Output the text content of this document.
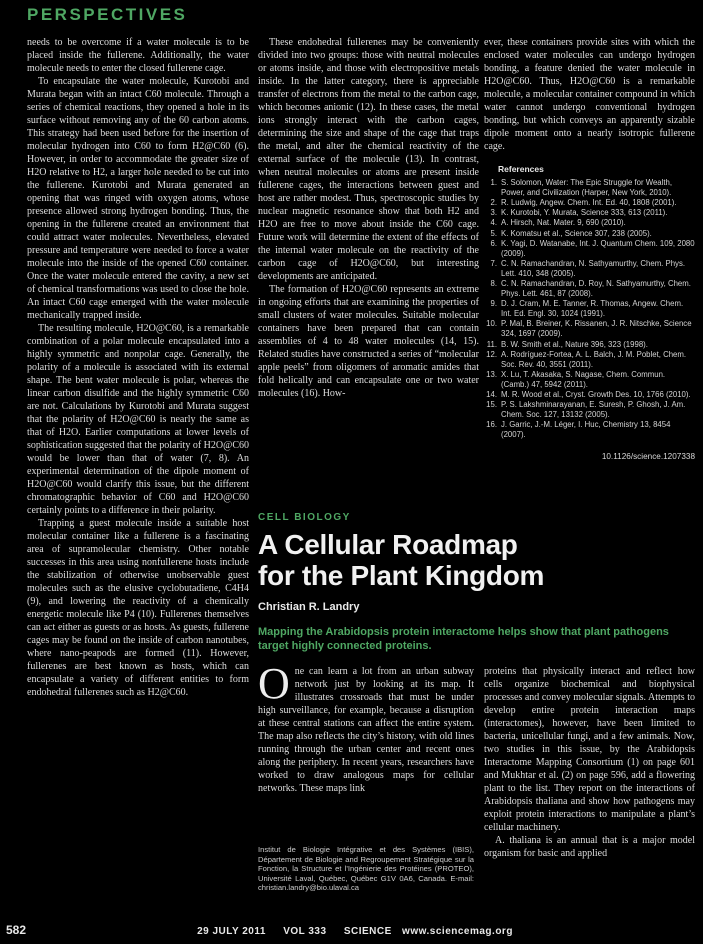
PERSPECTIVES

needs to be overcome if a water molecule is to be placed inside the fullerene. Additionally, the water molecule needs to enter the closed fullerene cage.

To encapsulate the water molecule, Kurotobi and Murata began with an intact C60 molecule. Through a series of chemical reactions, they opened a hole in its surface without removing any of the 60 carbon atoms. This strategy had been used before for the insertion of molecular hydrogen into C60 to form H2@C60 (6). However, in order to accommodate the greater size of H2O relative to H2, a larger hole needed to be cut into the fullerene. Kurotobi and Murata generated an opening that was ringed with oxygen atoms, whose presence allowed strong hydrogen bonding. Thus, the opening in the fullerene created an environment that could attract water molecules. Nevertheless, elevated pressure and temperature were needed to force a water molecule into the inside of the opened C60 container. Once the water molecule entered the cavity, a new set of chemical transformations was used to close the hole. An intact C60 cage emerged with the water molecule mechanically trapped inside.

The resulting molecule, H2O@C60, is a remarkable combination of a polar molecule encapsulated into a highly symmetric and nonpolar cage. Generally, the polarity of a molecule is associated with its external shape. The bent water molecule is polar, whereas the linear carbon disulfide and the highly symmetric C60 are not. Calculations by Kurotobi and Murata suggest that the polarity of H2O@C60 is nearly the same as that of H2O. Earlier computations at lower levels of sophistication suggested that the polarity of H2O@C60 would be lower than that of water (7, 8). An experimental determination of the dipole moment of H2O@C60 would clarify this issue, but the different chromatographic behavior of C60 and H2O@C60 certainly points to a difference in their polarity.

Trapping a guest molecule inside a suitable host molecular container like a fullerene is a fascinating area of supramolecular chemistry. Other notable successes in this area using nonfullerene hosts include the stabilization of otherwise unobservable guest molecules such as the elusive cyclobutadiene, C4H4 (9), and lowering the reactivity of a chemically energetic molecule like P4 (10). Fullerenes themselves can act either as guests or as hosts. As guests, fullerene cages may be found on the inside of carbon nanotubes, where nano-peapods are formed (11). However, fullerenes are best known as hosts, which can encapsulate a variety of different entities to form endohedral fullerenes such as H2@C60.

These endohedral fullerenes may be conveniently divided into two groups: those with neutral molecules or atoms inside, and those with electropositive metals inside. In the latter category, there is appreciable transfer of electrons from the metal to the carbon cage, which becomes anionic (12). In these cases, the metal ions strongly interact with the carbon cages, determining the size and shape of the cage that traps the metal, and alter the chemical reactivity of the external surface of the molecule (13). In contrast, when neutral molecules or atoms are present inside fullerene cages, the interactions between guest and host are rather modest. Thus, spectroscopic studies by nuclear magnetic resonance show that both H2 and H2O are free to move about inside the C60 cage. Future work will determine the extent of the effects of the internal water molecule on the reactivity of the carbon cage of H2O@C60, but interesting developments are anticipated.

The formation of H2O@C60 represents an extreme in ongoing efforts that are examining the properties of small clusters of water molecules. Suitable molecular containers have been prepared that can contain assemblies of 4 to 48 water molecules (14, 15). Related studies have constructed a series of “molecular apple peels” from oligomers of aromatic amides that fold helically and can encapsulate one or two water molecules (16). How-

ever, these containers provide sites with which the enclosed water molecules can undergo hydrogen bonding, a feature denied the water molecule in H2O@C60. Thus, H2O@C60 is a remarkable molecule, a molecular container compound in which water cannot undergo conventional hydrogen bonding, but which conveys an apparently sizable dipole moment onto a nearly isotropic fullerene cage.

References
1. S. Solomon, Water: The Epic Struggle for Wealth, Power, and Civilization (Harper, New York, 2010).
2. R. Ludwig, Angew. Chem. Int. Ed. 40, 1808 (2001).
3. K. Kurotobi, Y. Murata, Science 333, 613 (2011).
4. A. Hirsch, Nat. Mater. 9, 690 (2010).
5. K. Komatsu et al., Science 307, 238 (2005).
6. K. Yagi, D. Watanabe, Int. J. Quantum Chem. 109, 2080 (2009).
7. C. N. Ramachandran, N. Sathyamurthy, Chem. Phys. Lett. 410, 348 (2005).
8. C. N. Ramachandran, D. Roy, N. Sathyamurthy, Chem. Phys. Lett. 461, 87 (2008).
9. D. J. Cram, M. E. Tanner, R. Thomas, Angew. Chem. Int. Ed. Engl. 30, 1024 (1991).
10. P. Mal, B. Breiner, K. Rissanen, J. R. Nitschke, Science 324, 1697 (2009).
11. B. W. Smith et al., Nature 396, 323 (1998).
12. A. Rodríguez-Fortea, A. L. Balch, J. M. Poblet, Chem. Soc. Rev. 40, 3551 (2011).
13. X. Lu, T. Akasaka, S. Nagase, Chem. Commun. (Camb.) 47, 5942 (2011).
14. M. R. Wood et al., Cryst. Growth Des. 10, 1766 (2010).
15. P. S. Lakshminarayanan, E. Suresh, P. Ghosh, J. Am. Chem. Soc. 127, 13132 (2005).
16. J. Garric, J.-M. Léger, I. Huc, Chemistry 13, 8454 (2007).
10.1126/science.1207338
CELL BIOLOGY
A Cellular Roadmap
for the Plant Kingdom
Christian R. Landry
Mapping the Arabidopsis protein interactome helps show that plant pathogens target highly connected proteins.

One can learn a lot from an urban subway network just by looking at its map. It illustrates crossroads that must be under high surveillance, for example, because a disruption at these central stations can affect the entire system. The map also reflects the city’s history, with old lines running through the urban center and recent ones along the periphery. In recent years, researchers have worked to draw analogous maps for cellular networks. These maps link

Institut de Biologie Intégrative et des Systèmes (IBIS), Département de Biologie and Regroupement Stratégique sur la Fonction, la Structure et l’Ingénierie des Protéines (PROTEO), Université Laval, Québec, Québec G1V 0A6, Canada. E-mail: christian.landry@bio.ulaval.ca

proteins that physically interact and reflect how cells organize biochemical and biophysical processes and convey molecular signals. Attempts to develop entire protein interaction maps (interactomes), however, have been limited to bacteria, unicellular fungi, and a few animals. Now, two studies in this issue, by the Arabidopsis Interactome Mapping Consortium (1) on page 601 and Mukhtar et al. (2) on page 596, add a flowering plant to the list. They report on the interactions of Arabidopsis thaliana and show how pathogens may exploit protein interactions to manipulate a plant’s cellular machinery.

A. thaliana is an annual that is a major model organism for basic and applied

582	29 JULY 2011 VOL 333 SCIENCE www.sciencemag.org
